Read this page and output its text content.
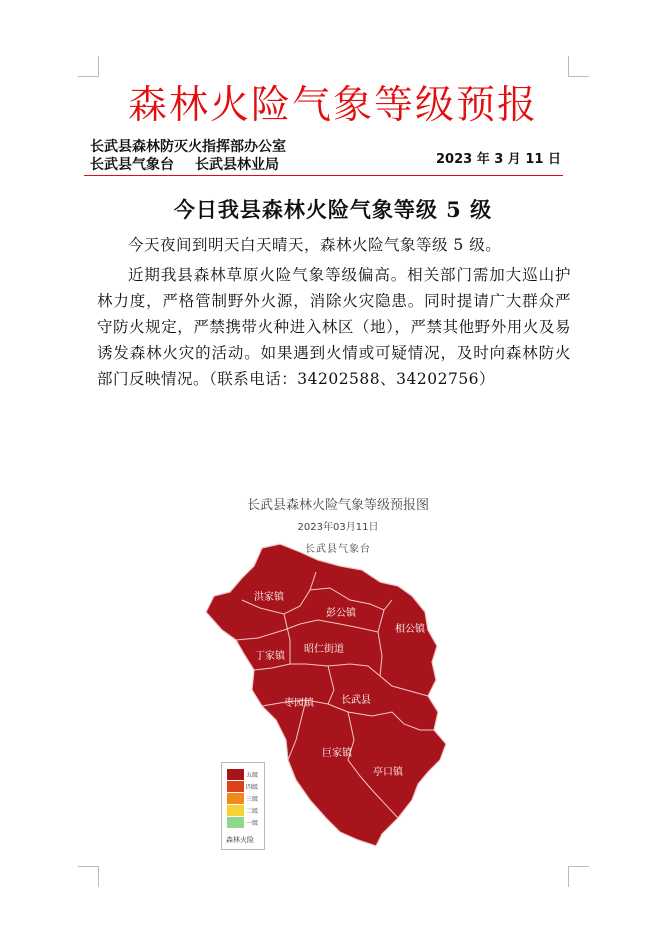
森林火险气象等级预报
长武县森林防灭火指挥部办公室
长武县气象台 长武县林业局	2023 年 3 月 11 日
今日我县森林火险气象等级 5 级
今天夜间到明天白天晴天，森林火险气象等级 5 级。
近期我县森林草原火险气象等级偏高。相关部门需加大巡山护林力度，严格管制野外火源，消除火灾隐患。同时提请广大群众严守防火规定，严禁携带火种进入林区（地），严禁其他野外用火及易诱发森林火灾的活动。如果遇到火情或可疑情况，及时向森林防火部门反映情况。（联系电话：34202588、34202756）
长武县森林火险气象等级预报图
2023年03月11日
长武县气象台
洪家镇
彭公镇
相公镇
丁家镇
昭仁街道
枣园镇	长武县
巨家镇
亭口镇
五级
四级
三级
二级
一级
森林火险
